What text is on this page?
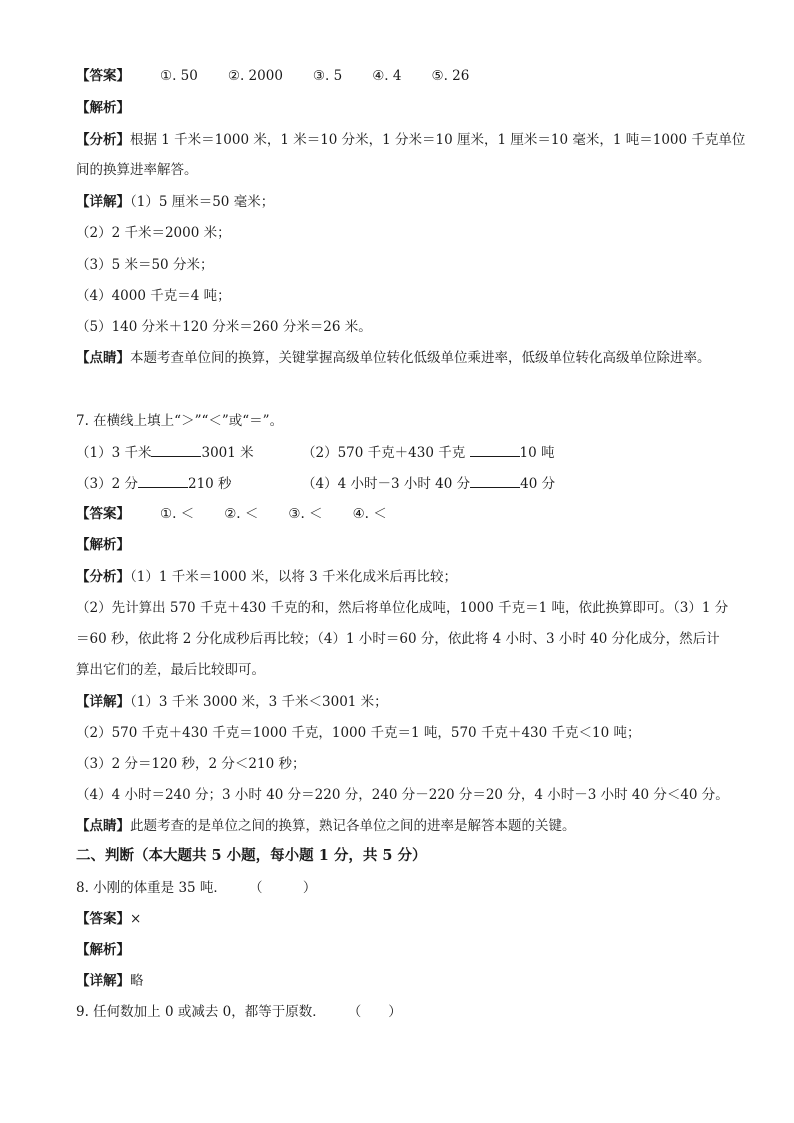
【答案】 ①. 50 ②. 2000 ③. 5 ④. 4 ⑤. 26
【解析】
【分析】根据 1 千米＝1000 米，1 米＝10 分米，1 分米＝10 厘米，1 厘米＝10 毫米，1 吨＝1000 千克单位
间的换算进率解答。
【详解】（1）5 厘米＝50 毫米；
（2）2 千米＝2000 米；
（3）5 米＝50 分米；
（4）4000 千克＝4 吨；
（5）140 分米＋120 分米＝260 分米＝26 米。
【点睛】本题考查单位间的换算，关键掌握高级单位转化低级单位乘进率，低级单位转化高级单位除进率。
7. 在横线上填上“＞”“＜”或“＝”。
（1）3 千米	3001 米	（2）570 千克＋430 千克	10 吨
（3）2 分	210 秒	（4）4 小时－3 小时 40 分	40 分
【答案】 ①. ＜ ②. ＜ ③. ＜ ④. ＜
【解析】
【分析】（1）1 千米＝1000 米，以将 3 千米化成米后再比较；
（2）先计算出 570 千克＋430 千克的和，然后将单位化成吨，1000 千克＝1 吨，依此换算即可。（3）1 分
＝60 秒，依此将 2 分化成秒后再比较；（4）1 小时＝60 分，依此将 4 小时、3 小时 40 分化成分，然后计
算出它们的差，最后比较即可。
【详解】（1）3 千米 3000 米，3 千米＜3001 米；
（2）570 千克＋430 千克＝1000 千克，1000 千克＝1 吨，570 千克＋430 千克＜10 吨；
（3）2 分＝120 秒，2 分＜210 秒；
（4）4 小时＝240 分；3 小时 40 分＝220 分，240 分－220 分＝20 分，4 小时－3 小时 40 分＜40 分。
【点睛】此题考查的是单位之间的换算，熟记各单位之间的进率是解答本题的关键。
二、判断（本大题共 5 小题，每小题 1 分，共 5 分）
8. 小刚的体重是 35 吨． （　　　）
【答案】×
【解析】
【详解】略
9. 任何数加上 0 或减去 0，都等于原数． （　　）
